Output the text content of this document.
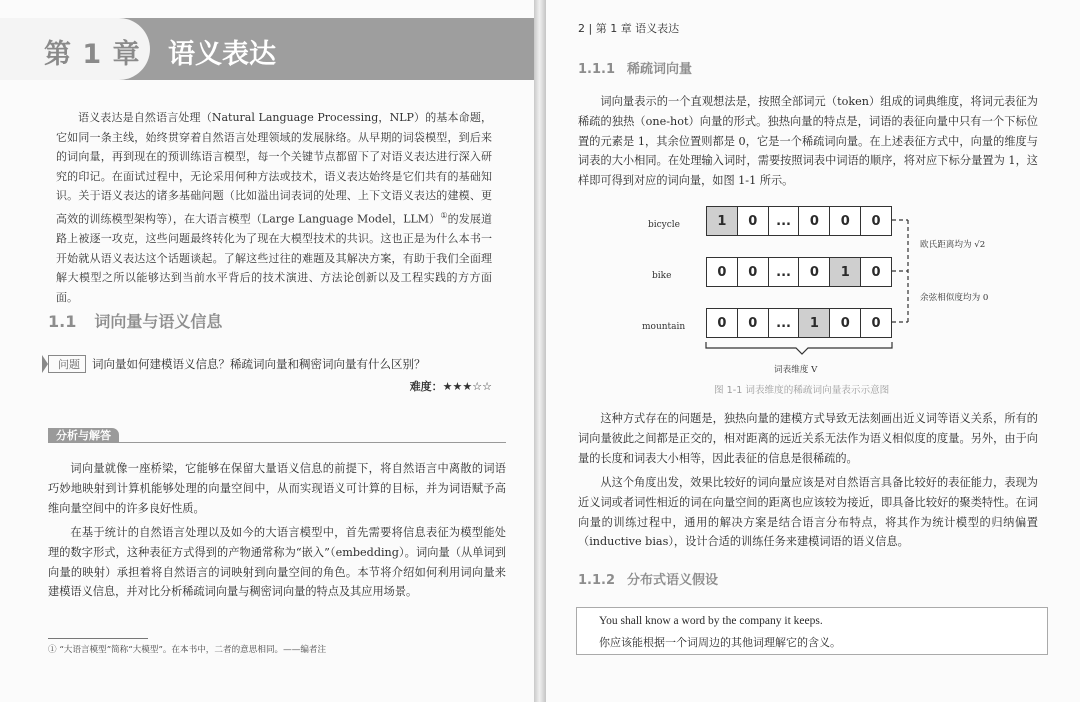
第 1 章 语义表达

语义表达是自然语言处理（Natural Language Processing，NLP）的基本命题，它如同一条主线，始终贯穿着自然语言处理领域的发展脉络。从早期的词袋模型，到后来的词向量，再到现在的预训练语言模型，每一个关键节点都留下了对语义表达进行深入研究的印记。在面试过程中，无论采用何种方法或技术，语义表达始终是它们共有的基础知识。关于语义表达的诸多基础问题（比如溢出词表词的处理、上下文语义表达的建模、更高效的训练模型架构等），在大语言模型（Large Language Model，LLM）①的发展道路上被逐一攻克，这些问题最终转化为了现在大模型技术的共识。这也正是为什么本书一开始就从语义表达这个话题谈起。了解这些过往的难题及其解决方案，有助于我们全面理解大模型之所以能够达到当前水平背后的技术演进、方法论创新以及工程实践的方方面面。

1.1 词向量与语义信息
问题 词向量如何建模语义信息？稀疏词向量和稠密词向量有什么区别？
难度：★★★☆☆
分析与解答

词向量就像一座桥梁，它能够在保留大量语义信息的前提下，将自然语言中离散的词语巧妙地映射到计算机能够处理的向量空间中，从而实现语义可计算的目标，并为词语赋予高维向量空间中的许多良好性质。

在基于统计的自然语言处理以及如今的大语言模型中，首先需要将信息表征为模型能处理的数字形式，这种表征方式得到的产物通常称为“嵌入”（embedding）。词向量（从单词到向量的映射）承担着将自然语言的词映射到向量空间的角色。本节将介绍如何利用词向量来建模语义信息，并对比分析稀疏词向量与稠密词向量的特点及其应用场景。

① “大语言模型”简称“大模型”。在本书中，二者的意思相同。——编者注
2 | 第 1 章 语义表达
1.1.1 稀疏词向量

词向量表示的一个直观想法是，按照全部词元（token）组成的词典维度，将词元表征为稀疏的独热（one-hot）向量的形式。独热向量的特点是，词语的表征向量中只有一个下标位置的元素是 1，其余位置则都是 0，它是一个稀疏词向量。在上述表征方式中，向量的维度与词表的大小相同。在处理输入词时，需要按照词表中词语的顺序，将对应下标分量置为 1，这样即可得到对应的词向量，如图 1-1 所示。

bicycle	1	0	...	0	0	0
bike	0	0	...	0	1	0
mountain	0	0	...	1	0	0
欧氏距离均为 √2
余弦相似度均为 0
词表维度 V
图 1-1 词表维度的稀疏词向量表示示意图

这种方式存在的问题是，独热向量的建模方式导致无法刻画出近义词等语义关系，所有的词向量彼此之间都是正交的，相对距离的远近关系无法作为语义相似度的度量。另外，由于向量的长度和词表大小相等，因此表征的信息是很稀疏的。

从这个角度出发，效果比较好的词向量应该是对自然语言具备比较好的表征能力，表现为近义词或者词性相近的词在向量空间的距离也应该较为接近，即具备比较好的聚类特性。在词向量的训练过程中，通用的解决方案是结合语言分布特点，将其作为统计模型的归纳偏置（inductive bias），设计合适的训练任务来建模词语的语义信息。

1.1.2 分布式语义假设
You shall know a word by the company it keeps.
你应该能根据一个词周边的其他词理解它的含义。
